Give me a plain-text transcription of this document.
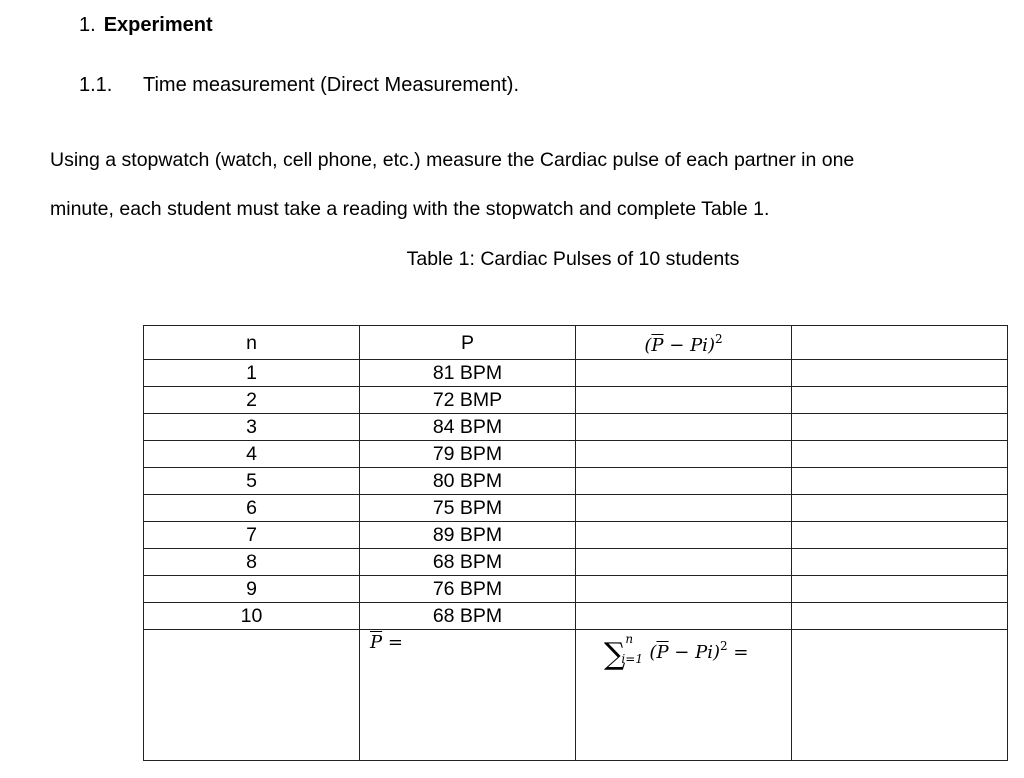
1. Experiment
1.1. Time measurement (Direct Measurement).
Using a stopwatch (watch, cell phone, etc.) measure the Cardiac pulse of each partner in one
minute, each student must take a reading with the stopwatch and complete Table 1.
Table 1: Cardiac Pulses of 10 students
n	P	$(\overline{P} - Pi)^2$	
1	81 BPM		
2	72 BMP		
3	84 BPM		
4	79 BPM		
5	80 BPM		
6	75 BPM		
7	89 BPM		
8	68 BPM		
9	76 BPM		
10	68 BPM		
	$\overline{P}$ =	∑ n
i=1 $(\overline{P} - Pi)^2$ =	
